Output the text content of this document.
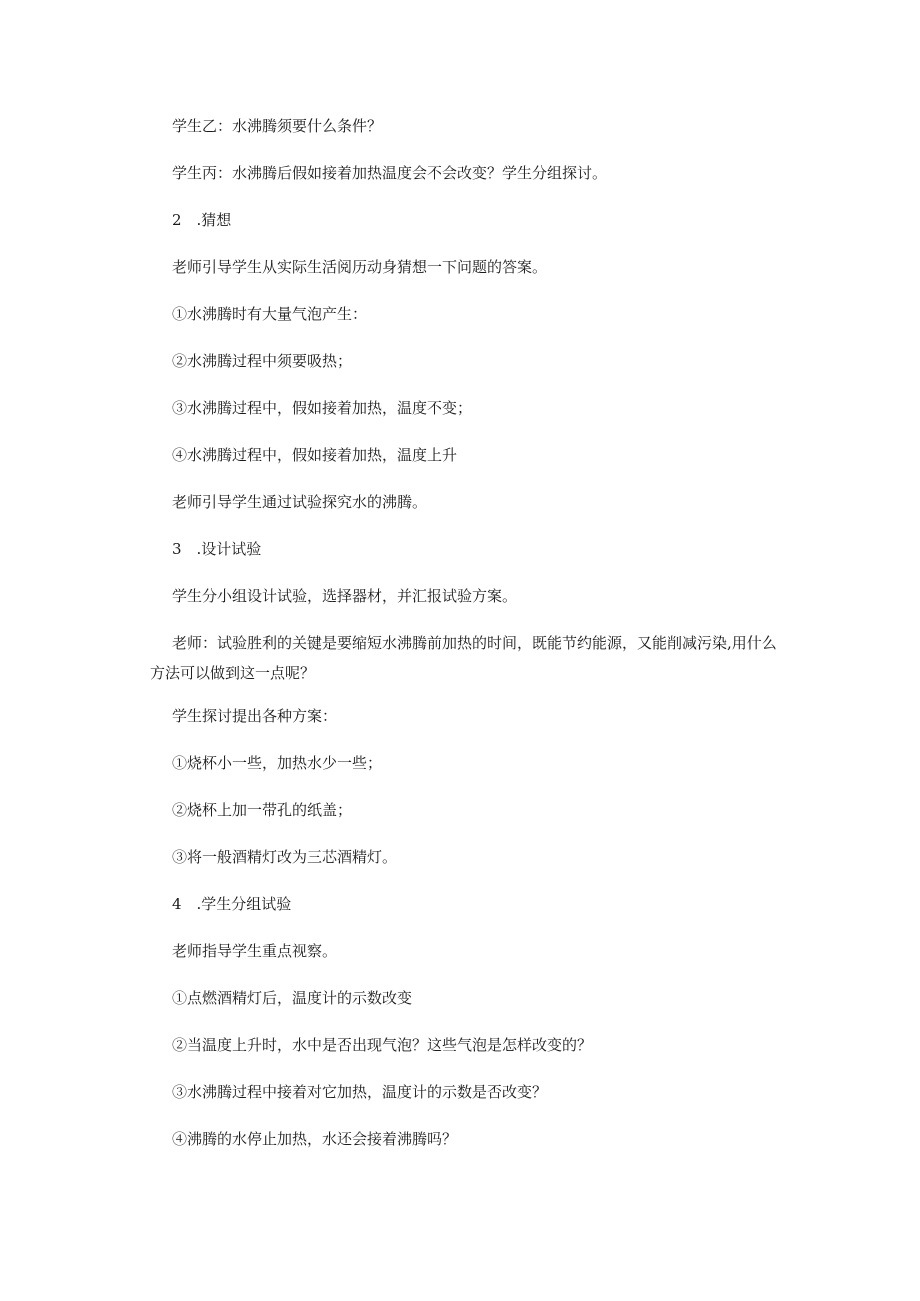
学生乙：水沸腾须要什么条件？

学生丙：水沸腾后假如接着加热温度会不会改变？学生分组探讨。

2　.猜想

老师引导学生从实际生活阅历动身猜想一下问题的答案。

①水沸腾时有大量气泡产生：

②水沸腾过程中须要吸热；

③水沸腾过程中，假如接着加热，温度不变；

④水沸腾过程中，假如接着加热，温度上升

老师引导学生通过试验探究水的沸腾。

3　.设计试验

学生分小组设计试验，选择器材，并汇报试验方案。

老师：试验胜利的关键是要缩短水沸腾前加热的时间，既能节约能源，又能削减污染,用什么方法可以做到这一点呢？

学生探讨提出各种方案：

①烧杯小一些，加热水少一些；

②烧杯上加一带孔的纸盖；

③将一般酒精灯改为三芯酒精灯。

4　.学生分组试验

老师指导学生重点视察。

①点燃酒精灯后，温度计的示数改变

②当温度上升时，水中是否出现气泡？这些气泡是怎样改变的？

③水沸腾过程中接着对它加热，温度计的示数是否改变？

④沸腾的水停止加热，水还会接着沸腾吗？
